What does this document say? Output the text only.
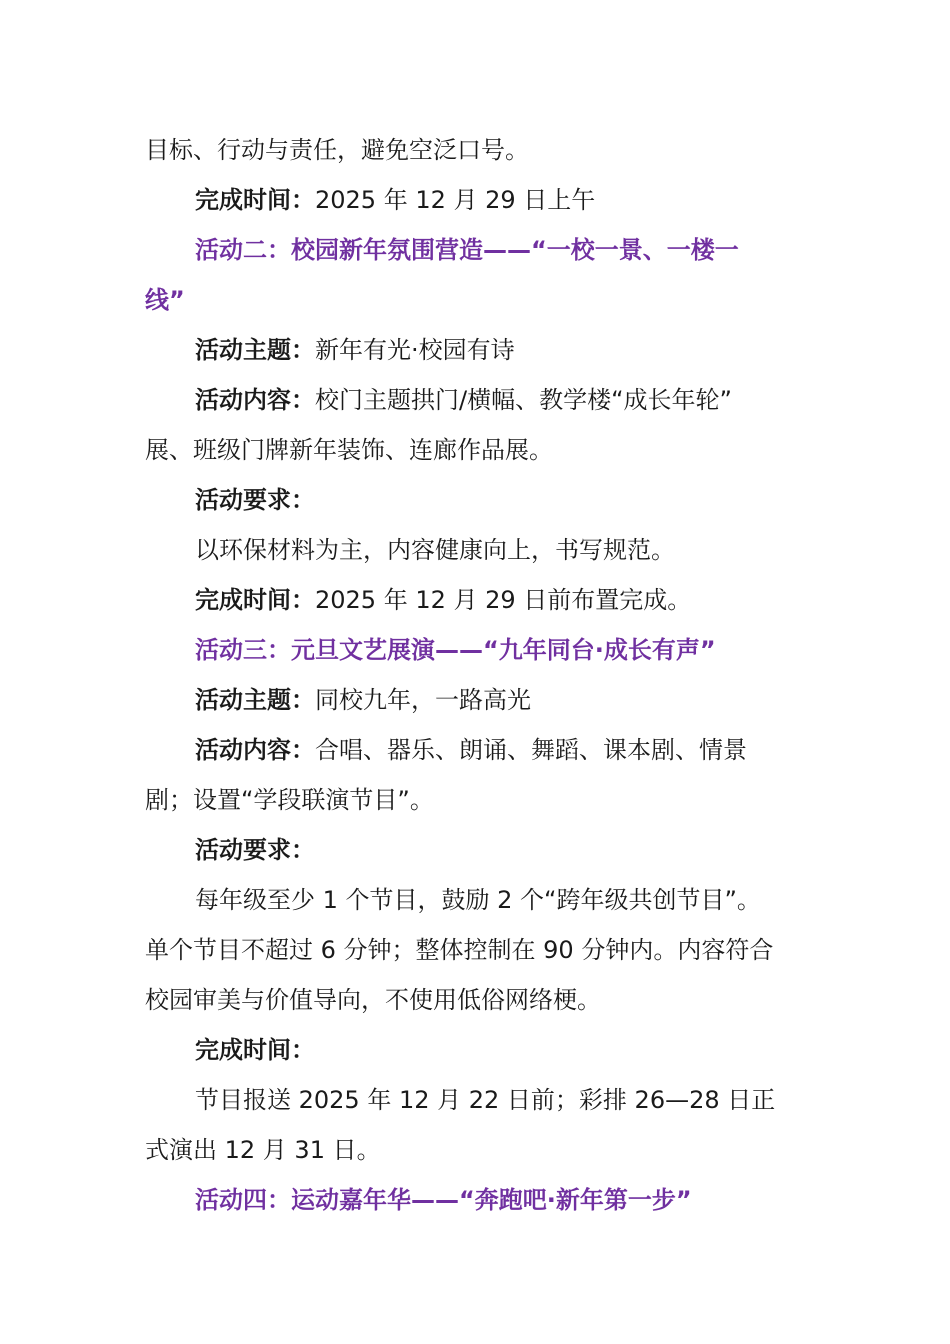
目标、行动与责任，避免空泛口号。
完成时间：2025 年 12 月 29 日上午
活动二：校园新年氛围营造——“一校一景、一楼一
线”
活动主题：新年有光·校园有诗
活动内容：校门主题拱门/横幅、教学楼“成长年轮”
展、班级门牌新年装饰、连廊作品展。
活动要求：
以环保材料为主，内容健康向上，书写规范。
完成时间：2025 年 12 月 29 日前布置完成。
活动三：元旦文艺展演——“九年同台·成长有声”
活动主题：同校九年，一路高光
活动内容：合唱、器乐、朗诵、舞蹈、课本剧、情景
剧；设置“学段联演节目”。
活动要求：
每年级至少 1 个节目，鼓励 2 个“跨年级共创节目”。
单个节目不超过 6 分钟；整体控制在 90 分钟内。内容符合
校园审美与价值导向，不使用低俗网络梗。
完成时间：
节目报送 2025 年 12 月 22 日前；彩排 26—28 日正
式演出 12 月 31 日。
活动四：运动嘉年华——“奔跑吧·新年第一步”
